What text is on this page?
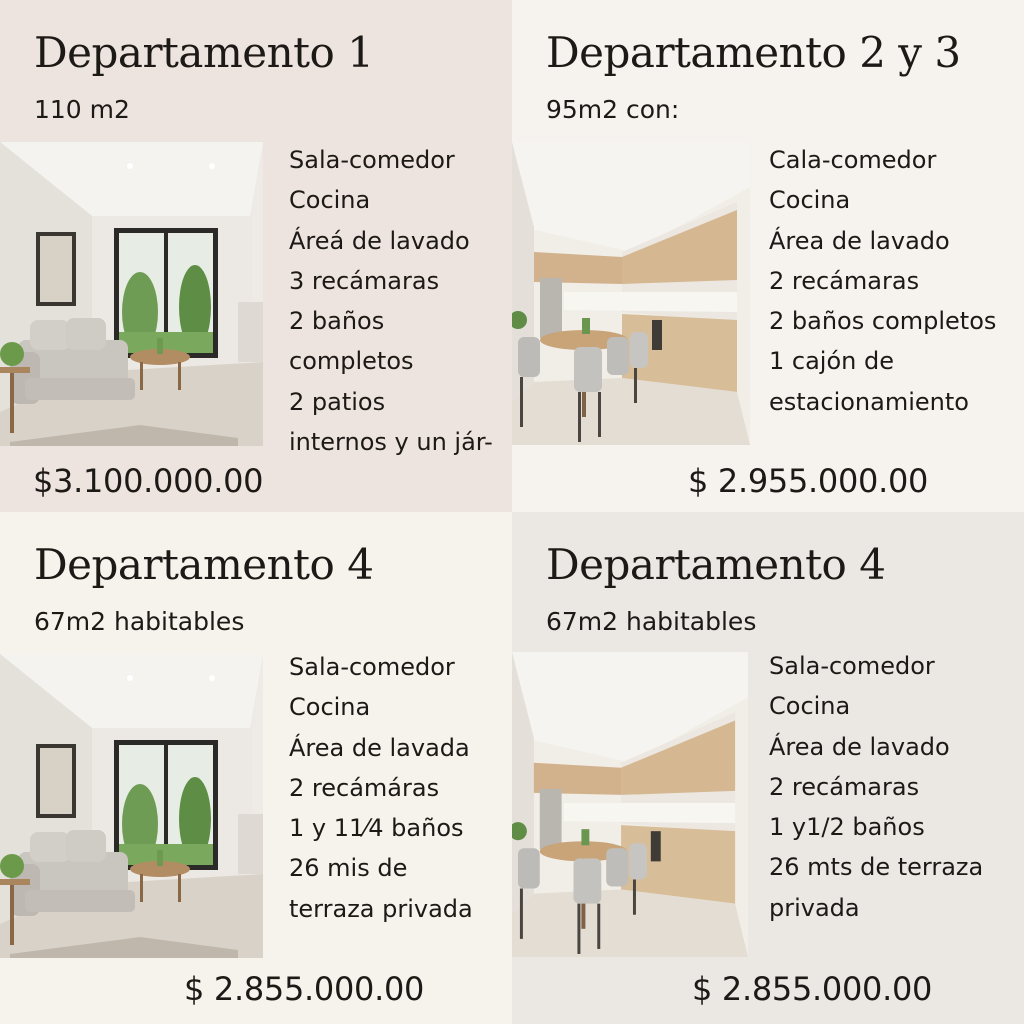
Departamento 1
110 m2
Sala-comedor
Cocina
Áreá de lavado
3 recámaras
2 baños
completos
2 patios
internos y un jár-
$3.100.000.00
Departamento 2 y 3
95m2 con:
Cala-comedor
Cocina
Área de lavado
2 recámaras
2 baños completos
1 cajón de
estacionamiento
$ 2.955.000.00
Departamento 4
67m2 habitables
Sala-comedor
Cocina
Área de lavada
2 recámáras
1 y 11⁄4 baños
26 mis de
terraza privada
$ 2.855.000.00
Departamento 4
67m2 habitables
Sala-comedor
Cocina
Área de lavado
2 recámaras
1 y1/2 baños
26 mts de terraza
privada
$ 2.855.000.00
